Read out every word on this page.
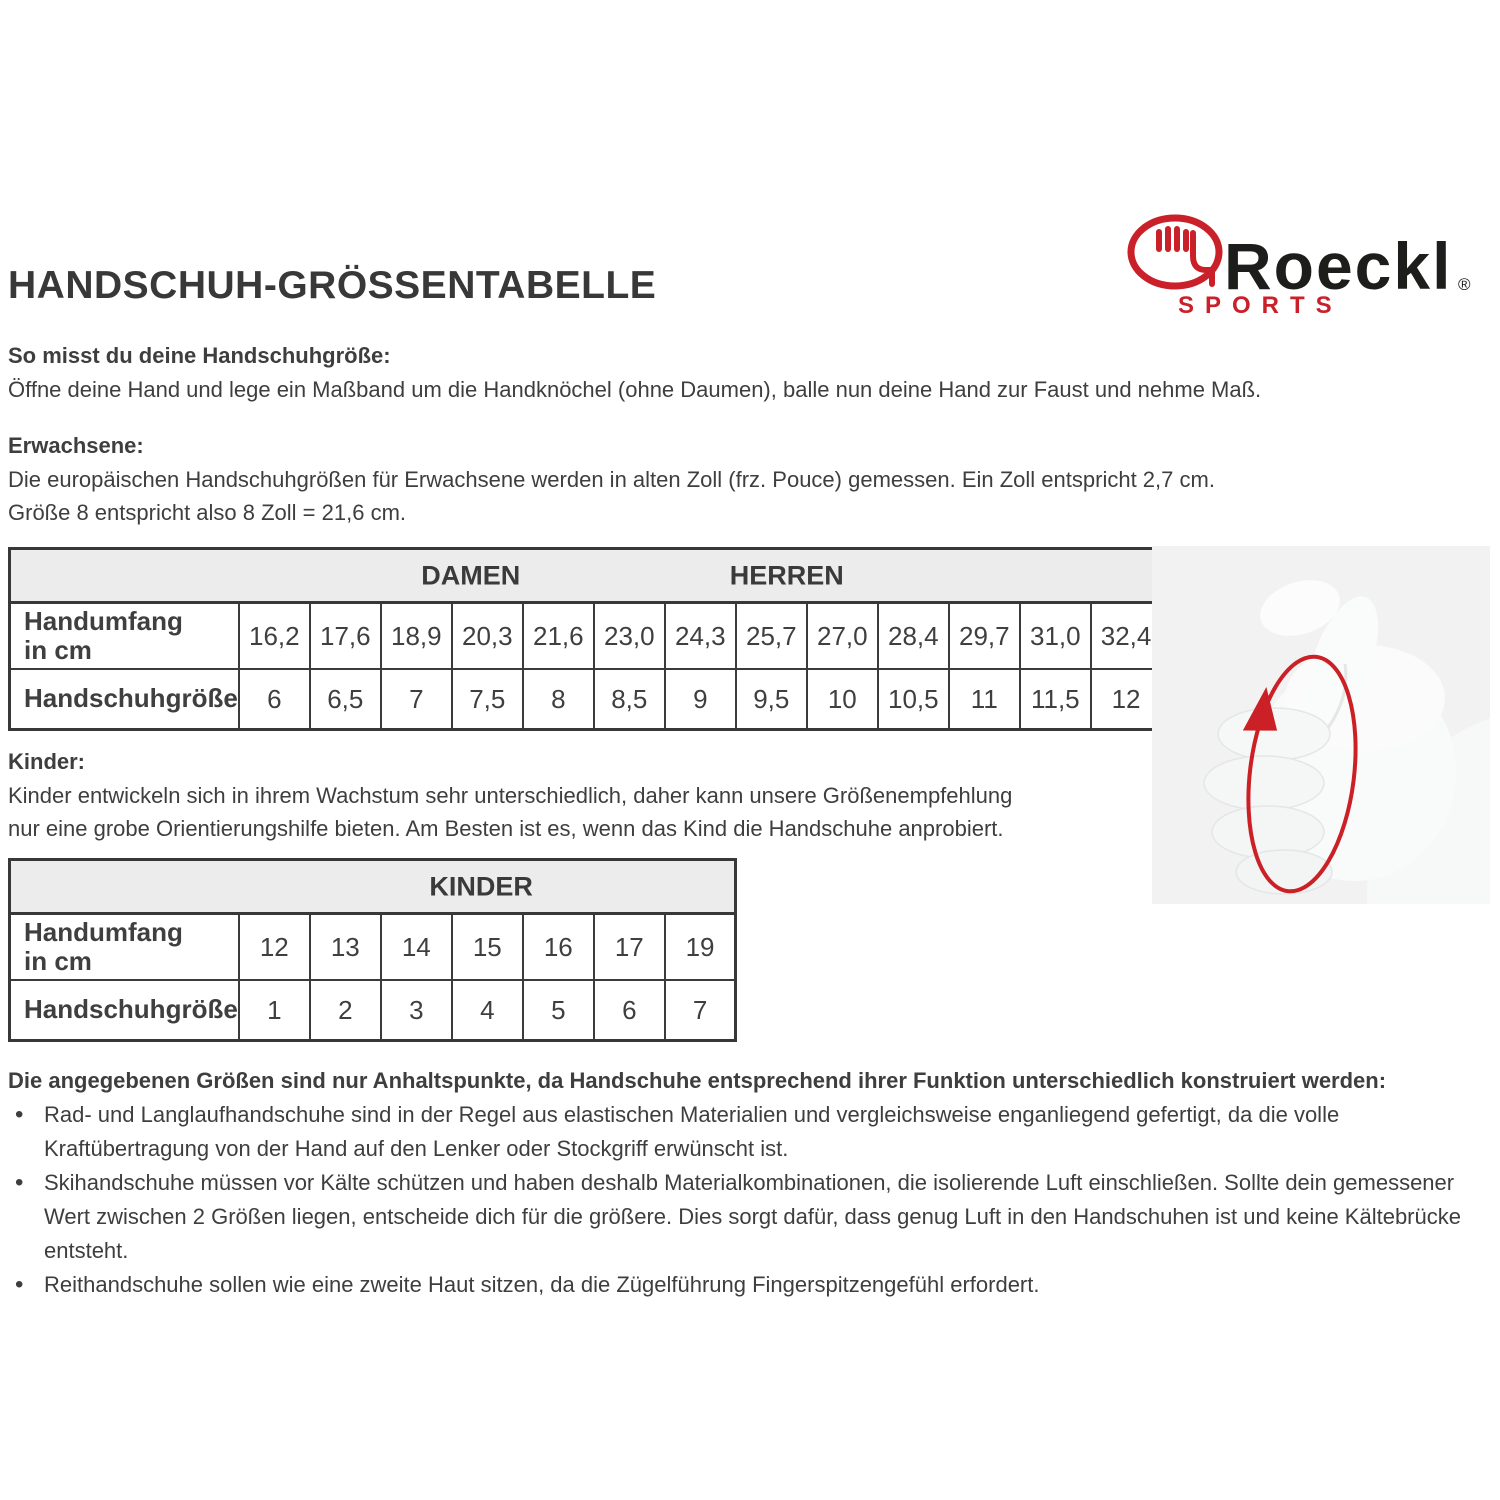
HANDSCHUH-GRÖSSENTABELLE	Roeckl ®
SPORTS
So misst du deine Handschuhgröße:
Öffne deine Hand und lege ein Maßband um die Handknöchel (ohne Daumen), balle nun deine Hand zur Faust und nehme Maß.
Erwachsene:
Die europäischen Handschuhgrößen für Erwachsene werden in alten Zoll (frz. Pouce) gemessen. Ein Zoll entspricht 2,7 cm.
Größe 8 entspricht also 8 Zoll = 21,6 cm.
DAMEN HERREN													

Handumfang
in cm	16,2	17,6	18,9	20,3	21,6	23,0	24,3	25,7	27,0	28,4	29,7	31,0	32,4
Handschuhgröße	6	6,5	7	7,5	8	8,5	9	9,5	10	10,5	11	11,5	12
Kinder:
Kinder entwickeln sich in ihrem Wachstum sehr unterschiedlich, daher kann unsere Größenempfehlung
nur eine grobe Orientierungshilfe bieten. Am Besten ist es, wenn das Kind die Handschuhe anprobiert.
KINDER							

Handumfang
in cm	12	13	14	15	16	17	19
Handschuhgröße	1	2	3	4	5	6	7
Die angegebenen Größen sind nur Anhaltspunkte, da Handschuhe entsprechend ihrer Funktion unterschiedlich konstruiert werden:
• Rad- und Langlaufhandschuhe sind in der Regel aus elastischen Materialien und vergleichsweise enganliegend gefertigt, da die volle Kraftübertragung von der Hand auf den Lenker oder Stockgriff erwünscht ist.
• Skihandschuhe müssen vor Kälte schützen und haben deshalb Materialkombinationen, die isolierende Luft einschließen. Sollte dein gemessener Wert zwischen 2 Größen liegen, entscheide dich für die größere. Dies sorgt dafür, dass genug Luft in den Handschuhen ist und keine Kältebrücke entsteht.
• Reithandschuhe sollen wie eine zweite Haut sitzen, da die Zügelführung Fingerspitzengefühl erfordert.
